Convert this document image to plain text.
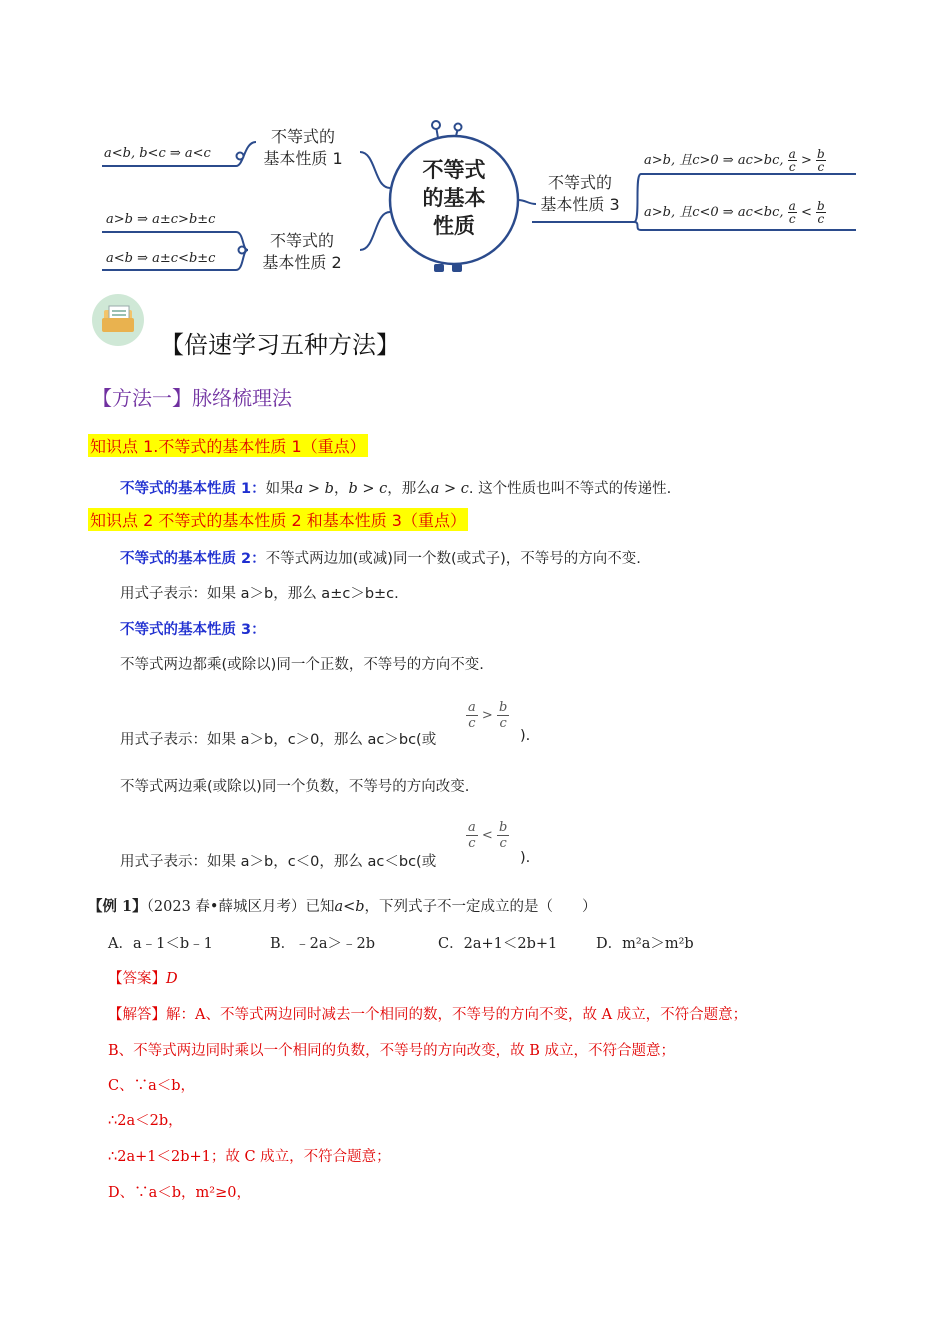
不等式
的基本
性质
不等式的
基本性质 1
不等式的
基本性质 2
不等式的
基本性质 3
a<b, b<c ⇒ a<c
a>b ⇒ a±c>b±c
a<b ⇒ a±c<b±c
a>b, 且c>0 ⇒ ac>bc, $\frac{a}{c} > \frac{b}{c}$
a>b, 且c<0 ⇒ ac<bc, $\frac{a}{c} < \frac{b}{c}$
【倍速学习五种方法】
【方法一】脉络梳理法
知识点 1.不等式的基本性质 1（重点）
不等式的基本性质 1：如果a > b，b > c，那么a > c. 这个性质也叫不等式的传递性.
知识点 2 不等式的基本性质 2 和基本性质 3（重点）
不等式的基本性质 2：不等式两边加(或减)同一个数(或式子)，不等号的方向不变.
用式子表示：如果 a＞b，那么 a±c＞b±c.
不等式的基本性质 3：
不等式两边都乘(或除以)同一个正数，不等号的方向不变.
用式子表示：如果 a＞b，c＞0，那么 ac＞bc(或
$\frac{a}{c} > \frac{b}{c}$
).
不等式两边乘(或除以)同一个负数，不等号的方向改变.
用式子表示：如果 a＞b，c＜0，那么 ac＜bc(或
$\frac{a}{c} < \frac{b}{c}$
).
【例 1】（2023 春•薛城区月考）已知a<b，下列式子不一定成立的是（　　）
A．a﹣1＜b﹣1	B．﹣2a＞﹣2b	C．2a+1＜2b+1	D．m²a＞m²b
【答案】D
【解答】解：A、不等式两边同时减去一个相同的数，不等号的方向不变，故 A 成立，不符合题意；
B、不等式两边同时乘以一个相同的负数，不等号的方向改变，故 B 成立，不符合题意；
C、∵a＜b，
∴2a＜2b，
∴2a+1＜2b+1；故 C 成立，不符合题意；
D、∵a＜b，m²≥0，
